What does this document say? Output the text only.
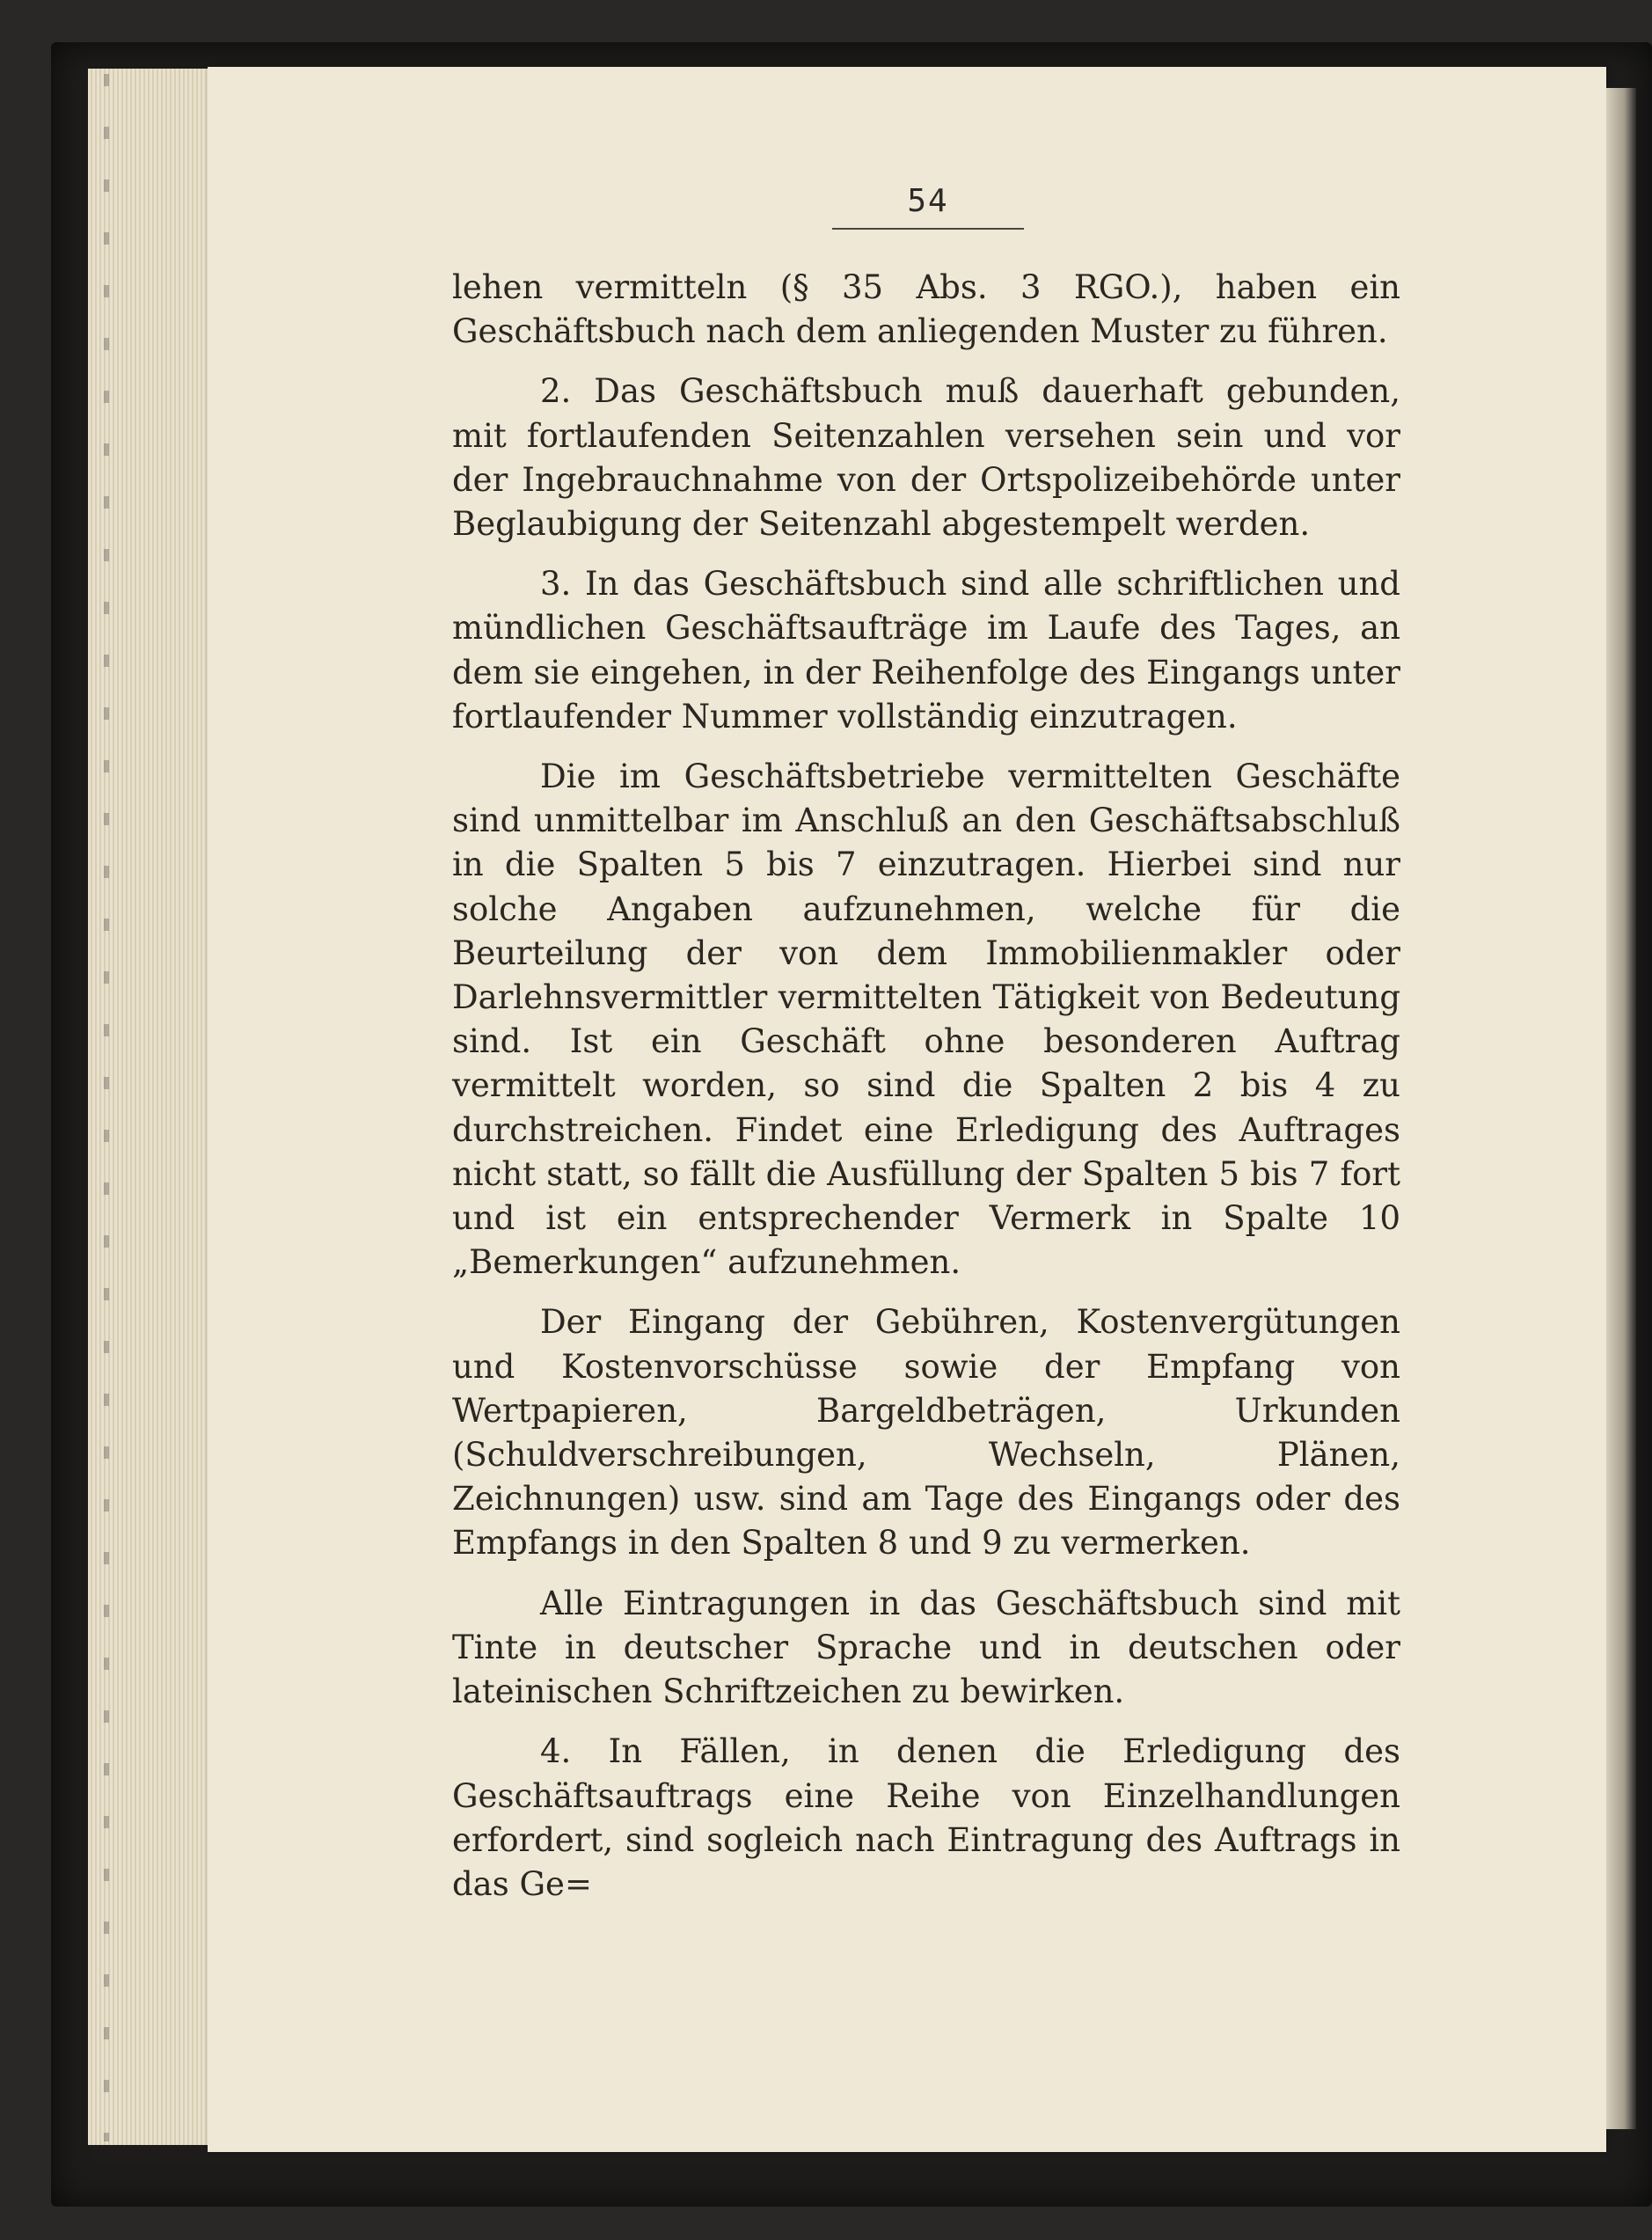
54

lehen vermitteln (§ 35 Abs. 3 RGO.), haben ein Geschäftsbuch nach dem anliegenden Muster zu führen.

2. Das Geschäftsbuch muß dauerhaft gebunden, mit fortlaufenden Seitenzahlen versehen sein und vor der Ingebrauchnahme von der Ortspolizeibehörde unter Beglaubigung der Seitenzahl abgestempelt werden.

3. In das Geschäftsbuch sind alle schriftlichen und mündlichen Geschäftsaufträge im Laufe des Tages, an dem sie eingehen, in der Reihenfolge des Eingangs unter fortlaufender Nummer vollständig einzutragen.

Die im Geschäftsbetriebe vermittelten Geschäfte sind unmittelbar im Anschluß an den Geschäftsabschluß in die Spalten 5 bis 7 einzutragen. Hierbei sind nur solche Angaben aufzunehmen, welche für die Beurteilung der von dem Immobilienmakler oder Darlehnsvermittler vermittelten Tätigkeit von Bedeutung sind. Ist ein Geschäft ohne besonderen Auftrag vermittelt worden, so sind die Spalten 2 bis 4 zu durchstreichen. Findet eine Erledigung des Auftrages nicht statt, so fällt die Ausfüllung der Spalten 5 bis 7 fort und ist ein entsprechender Vermerk in Spalte 10 „Bemerkungen“ aufzunehmen.

Der Eingang der Gebühren, Kostenvergütungen und Kostenvorschüsse sowie der Empfang von Wertpapieren, Bargeldbeträgen, Urkunden (Schuldverschreibungen, Wechseln, Plänen, Zeichnungen) usw. sind am Tage des Eingangs oder des Empfangs in den Spalten 8 und 9 zu vermerken.

Alle Eintragungen in das Geschäftsbuch sind mit Tinte in deutscher Sprache und in deutschen oder lateinischen Schriftzeichen zu bewirken.

4. In Fällen, in denen die Erledigung des Geschäftsauftrags eine Reihe von Einzelhandlungen erfordert, sind sogleich nach Eintragung des Auftrags in das Ge=
